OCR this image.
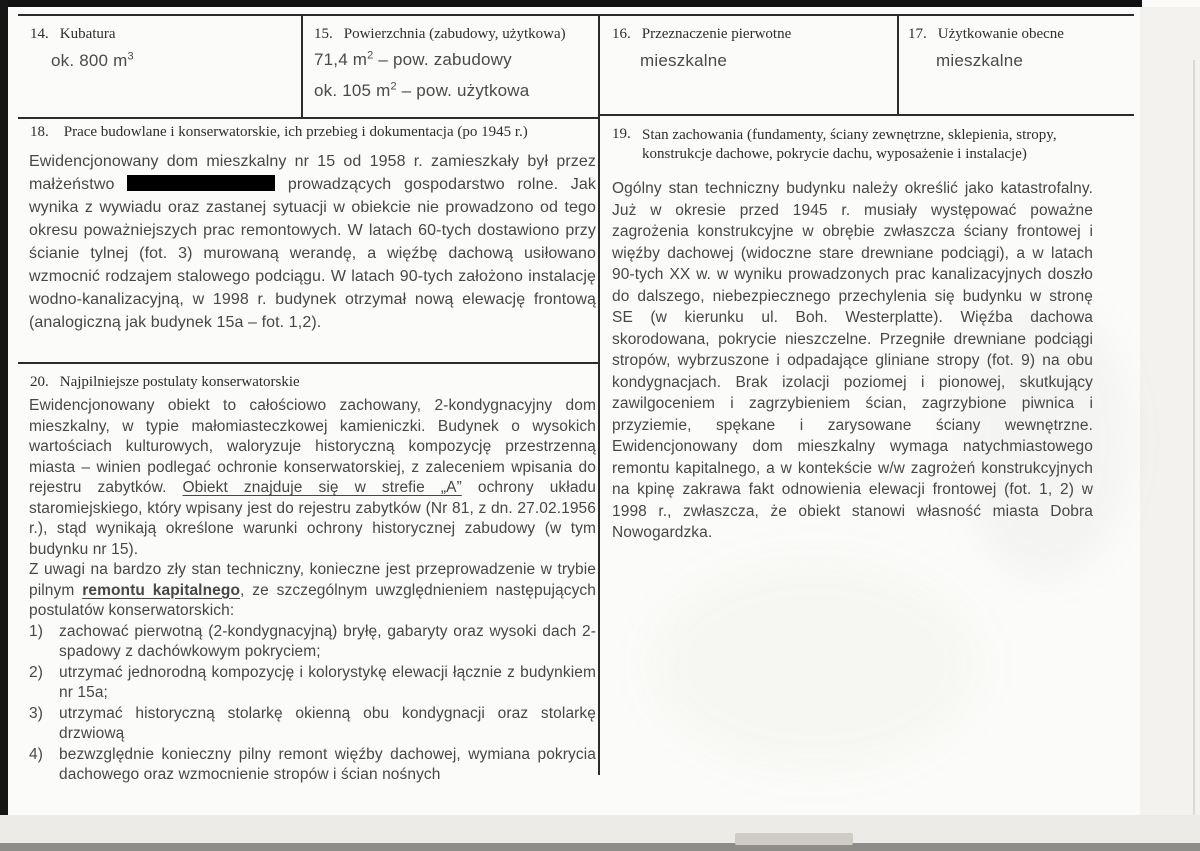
14. Kubatura
ok. 800 $m^3$
15. Powierzchnia (zabudowy, użytkowa)
71,4 $m^2$ – pow. zabudowy
ok. 105 $m^2$ – pow. użytkowa
16. Przeznaczenie pierwotne
mieszkalne
17. Użytkowanie obecne
mieszkalne
18. Prace budowlane i konserwatorskie, ich przebieg i dokumentacja (po 1945 r.)
Ewidencjonowany dom mieszkalny nr 15 od 1958 r. zamieszkały był przez małżeństwo	prowadzących gospodarstwo rolne. Jak wynika z wywiadu oraz zastanej sytuacji w obiekcie nie prowadzono od tego okresu poważniejszych prac remontowych. W latach 60-tych dostawiono przy ścianie tylnej (fot. 3) murowaną werandę, a więźbę dachową usiłowano wzmocnić rodzajem stalowego podciągu. W latach 90-tych założono instalację wodno-kanalizacyjną, w 1998 r. budynek otrzymał nową elewację frontową (analogiczną jak budynek 15a – fot. 1,2).
20. Najpilniejsze postulaty konserwatorskie

Ewidencjonowany obiekt to całościowo zachowany, 2-kondygnacyjny dom mieszkalny, w typie małomiasteczkowej kamieniczki. Budynek o wysokich wartościach kulturowych, waloryzuje historyczną kompozycję przestrzenną miasta – winien podlegać ochronie konserwatorskiej, z zaleceniem wpisania do rejestru zabytków. Obiekt znajduje się w strefie „A” ochrony układu staromiejskiego, który wpisany jest do rejestru zabytków (Nr 81, z dn. 27.02.1956 r.), stąd wynikają określone warunki ochrony historycznej zabudowy (w tym budynku nr 15).

Z uwagi na bardzo zły stan techniczny, konieczne jest przeprowadzenie w trybie pilnym remontu kapitalnego, ze szczególnym uwzględnieniem następujących postulatów konserwatorskich:

1)	zachować pierwotną (2-kondygnacyjną) bryłę, gabaryty oraz wysoki dach 2-spadowy z dachówkowym pokryciem;
2)	utrzymać jednorodną kompozycję i kolorystykę elewacji łącznie z budynkiem nr 15a;
3)	utrzymać historyczną stolarkę okienną obu kondygnacji oraz stolarkę drzwiową
4)	bezwzględnie konieczny pilny remont więźby dachowej, wymiana pokrycia dachowego oraz wzmocnienie stropów i ścian nośnych
19. Stan zachowania (fundamenty, ściany zewnętrzne, sklepienia, stropy, konstrukcje dachowe, pokrycie dachu, wyposażenie i instalacje)
Ogólny stan techniczny budynku należy określić jako katastrofalny. Już w okresie przed 1945 r. musiały występować poważne zagrożenia konstrukcyjne w obrębie zwłaszcza ściany frontowej i więźby dachowej (widoczne stare drewniane podciągi), a w latach 90-tych XX w. w wyniku prowadzonych prac kanalizacyjnych doszło do dalszego, niebezpiecznego przechylenia się budynku w stronę SE (w kierunku ul. Boh. Westerplatte). Więźba dachowa skorodowana, pokrycie nieszczelne. Przegniłe drewniane podciągi stropów, wybrzuszone i odpadające gliniane stropy (fot. 9) na obu kondygnacjach. Brak izolacji poziomej i pionowej, skutkujący zawilgoceniem i zagrzybieniem ścian, zagrzybione piwnica i przyziemie, spękane i zarysowane ściany wewnętrzne. Ewidencjonowany dom mieszkalny wymaga natychmiastowego remontu kapitalnego, a w kontekście w/w zagrożeń konstrukcyjnych na kpinę zakrawa fakt odnowienia elewacji frontowej (fot. 1, 2) w 1998 r., zwłaszcza, że obiekt stanowi własność miasta Dobra Nowogardzka.
